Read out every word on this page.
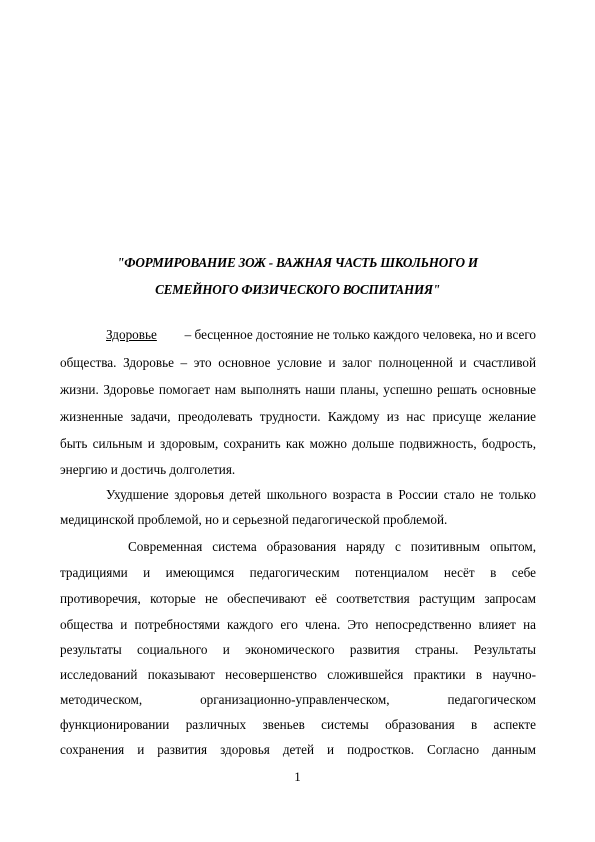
"ФОРМИРОВАНИЕ ЗОЖ - ВАЖНАЯ ЧАСТЬ ШКОЛЬНОГО И
СЕМЕЙНОГО ФИЗИЧЕСКОГО ВОСПИТАНИЯ"
Здоровье – бесценное достояние не только каждого человека, но и всего
общества. Здоровье – это основное условие и залог полноценной и счастливой
жизни. Здоровье помогает нам выполнять наши планы, успешно решать основные
жизненные задачи, преодолевать трудности. Каждому из нас присуще желание
быть сильным и здоровым, сохранить как можно дольше подвижность, бодрость,
энергию и достичь долголетия.
Ухудшение здоровья детей школьного возраста в России стало не только
медицинской проблемой, но и серьезной педагогической проблемой.
Современная система образования наряду с позитивным опытом,
традициями и имеющимся педагогическим потенциалом несёт в себе
противоречия, которые не обеспечивают её соответствия растущим запросам
общества и потребностями каждого его члена. Это непосредственно влияет на
результаты социального и экономического развития страны. Результаты
исследований показывают несовершенство сложившейся практики в научно-
методическом,	организационно-управленческом,	педагогическом
функционировании различных звеньев системы образования в аспекте
сохранения и развития здоровья детей и подростков. Согласно данным
1
